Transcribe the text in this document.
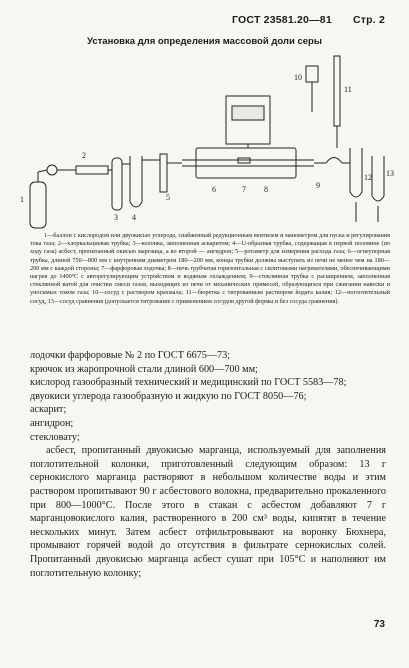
ГОСТ 23581.20—81 Стр. 2
Установка для определения массовой доли серы
1
2
3 4
5
6	7 8	9
10
11
12 13

1—баллон с кислородом или двуокисью углерода, снабженный редукционным вентилем и манометром для пуска и регулирования тока газа; 2—хлоркальциевая трубка; 3—колонка, заполненная аскаритом; 4—U-образная трубка, содержащая в первой половине (по ходу газа) асбест, пропитанный окисью марганца, а во второй — ангидрон; 5—ротаметр для измерения расхода газа; 6—огнеупорная трубка, длиной 750—800 мм с внутренним диаметром 180—200 мм, концы трубки должны выступать из печи не менее чем на 180—200 мм с каждой стороны; 7—фарфоровая лодочка; 8—печь трубчатая горизонтальная с силитовыми нагревателями, обеспечивающими нагрев до 1400°С с авторегулирующим устройством и водяным охлаждением; 9—стеклянная трубка с расширением, заполненная стеклянной ватой для очистки смеси газов, выходящих из печи от механических примесей, образующихся при сжигании навески и уносимых током газа; 10—сосуд с раствором крахмала; 11—бюретка с титрованным раствором йодата калия; 12—поглотительный сосуд, 13—сосуд сравнения (допускается титрование с применением сосудов другой формы и без сосуда сравнения).

лодочки фарфоровые № 2 по ГОСТ 6675—73;

крючок из жаропрочной стали длиной 600—700 мм;

кислород газообразный технический и медицинский по ГОСТ 5583—78;

двуокиси углерода газообразную и жидкую по ГОСТ 8050—76;

аскарит;

ангидрон;

стекловату;

асбест, пропитанный двуокисью марганца, используемый для заполнения поглотительной колонки, приготовленный следующим образом: 13 г сернокислого марганца растворяют в небольшом количестве воды и этим раствором пропитывают 90 г асбестового волокна, предварительно прокаленного при 800—1000°С. После этого в стакан с асбестом добавляют 7 г марганцовокислого калия, растворенного в 200 см³ воды, кипятят в течение нескольких минут. Затем асбест отфильтровывают на воронку Бюхнера, промывают горячей водой до отсутствия в фильтрате сернокислых солей. Пропитанный двуокисью марганца асбест сушат при 105°С и наполняют им поглотительную колонку;

73
